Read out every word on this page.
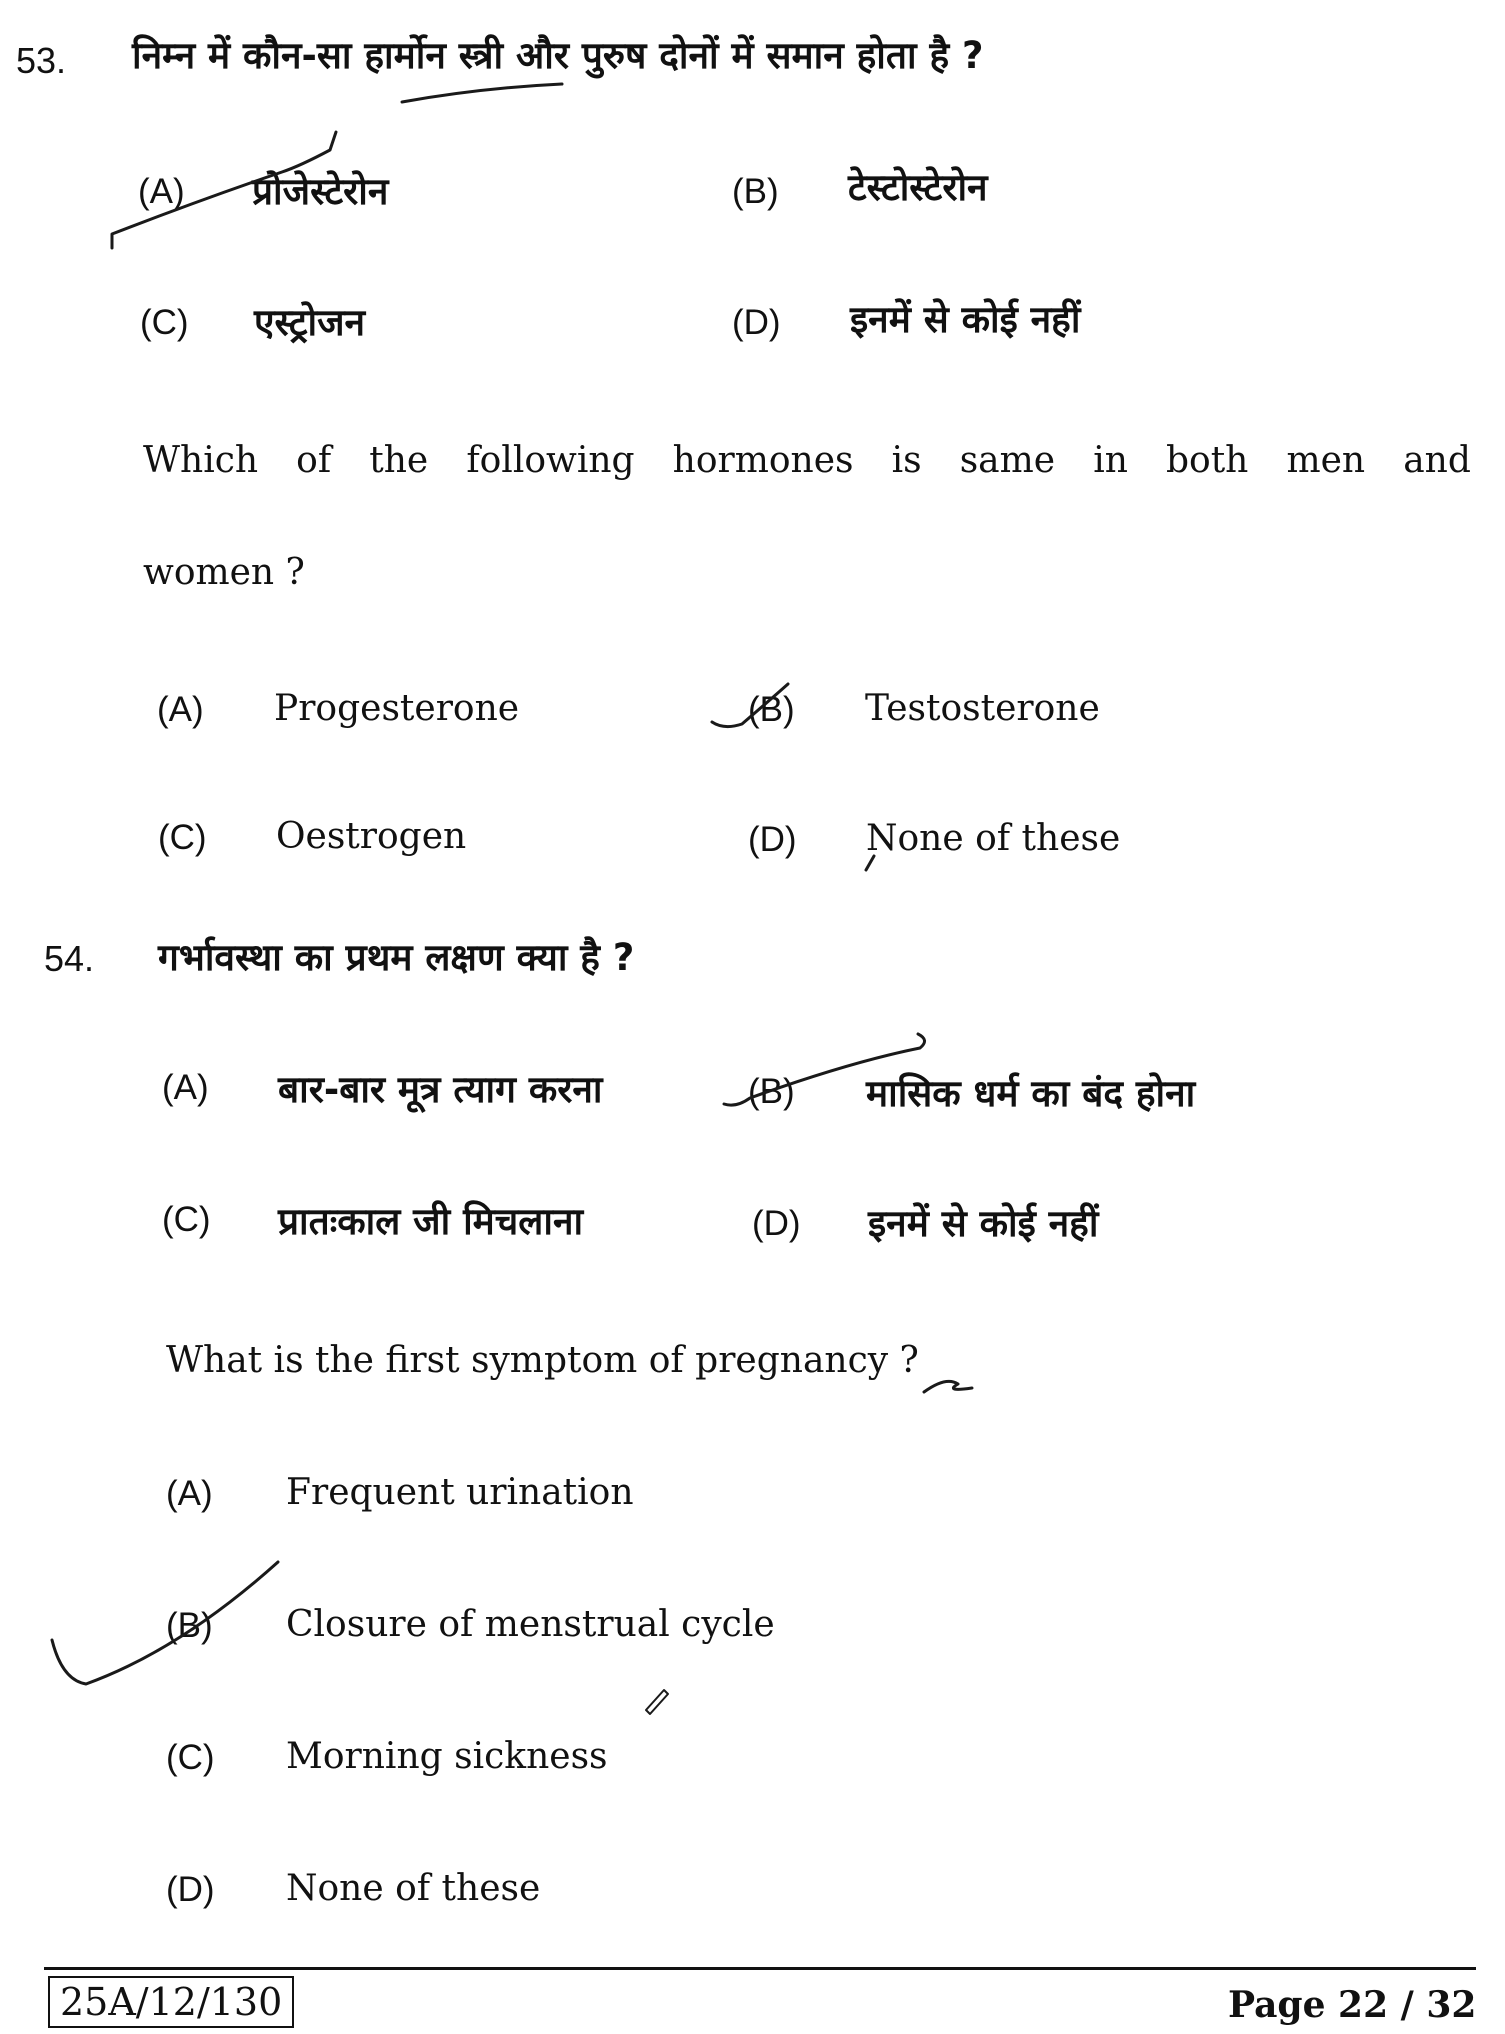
53. निम्न में कौन-सा हार्मोन स्त्री और पुरुष दोनों में समान होता है ?
(A) प्रोजेस्टेरोन	(B) टेस्टोस्टेरोन
(C) एस्ट्रोजन	(D) इनमें से कोई नहीं
Which of the following hormones is same in both men and
women ?
(A) Progesterone	(B) Testosterone
(C) Oestrogen	(D) None of these
54. गर्भावस्था का प्रथम लक्षण क्या है ?
(A) बार-बार मूत्र त्याग करना	(B) मासिक धर्म का बंद होना
(C) प्रातःकाल जी मिचलाना	(D) इनमें से कोई नहीं
What is the first symptom of pregnancy ?
(A) Frequent urination
(B) Closure of menstrual cycle
(C) Morning sickness
(D) None of these
25A/12/130	Page 22 / 32
